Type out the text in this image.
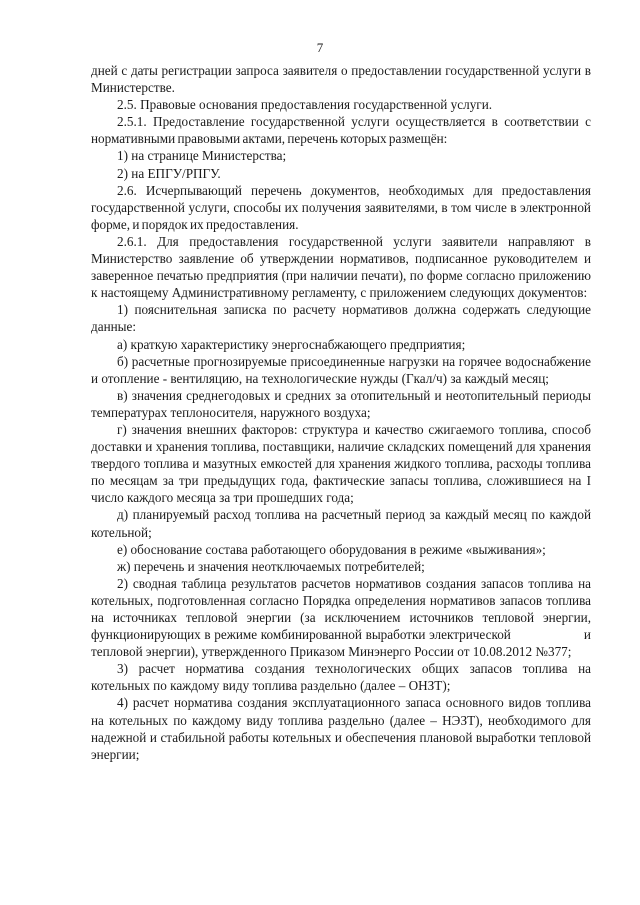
7

дней с даты регистрации запроса заявителя о предоставлении государственной услуги в Министерстве.

2.5. Правовые основания предоставления государственной услуги.

2.5.1. Предоставление государственной услуги осуществляется в соответствии с нормативными правовыми актами, перечень которых размещён:

1) на странице Министерства;

2) на ЕПГУ/РПГУ.

2.6. Исчерпывающий перечень документов, необходимых для предоставления государственной услуги, способы их получения заявителями, в том числе в электронной форме, и порядок их предоставления.

2.6.1. Для предоставления государственной услуги заявители направляют в Министерство заявление об утверждении нормативов, подписанное руководителем и заверенное печатью предприятия (при наличии печати), по форме согласно приложению к настоящему Административному регламенту, с приложением следующих документов:

1) пояснительная записка по расчету нормативов должна содержать следующие данные:

а) краткую характеристику энергоснабжающего предприятия;

б) расчетные прогнозируемые присоединенные нагрузки на горячее водоснабжение и отопление - вентиляцию, на технологические нужды (Гкал/ч) за каждый месяц;

в) значения среднегодовых и средних за отопительный и неотопительный периоды температурах теплоносителя, наружного воздуха;

г) значения внешних факторов: структура и качество сжигаемого топлива, способ доставки и хранения топлива, поставщики, наличие складских помещений для хранения твердого топлива и мазутных емкостей для хранения жидкого топлива, расходы топлива по месяцам за три предыдущих года, фактические запасы топлива, сложившиеся на I число каждого месяца за три прошедших года;

д) планируемый расход топлива на расчетный период за каждый месяц по каждой котельной;

е) обоснование состава работающего оборудования в режиме «выживания»;

ж) перечень и значения неотключаемых потребителей;

2) сводная таблица результатов расчетов нормативов создания запасов топлива на котельных, подготовленная согласно Порядка определения нормативов запасов топлива на источниках тепловой энергии (за исключением источников тепловой энергии, функционирующих в режиме комбинированной выработки электрической                    и тепловой энергии), утвержденного Приказом Минэнерго России от 10.08.2012 №377;

3) расчет норматива создания технологических общих запасов топлива на котельных по каждому виду топлива раздельно (далее – ОНЗТ);

4) расчет норматива создания эксплуатационного запаса основного видов топлива на котельных по каждому виду топлива раздельно (далее – НЭЗТ), необходимого для надежной и стабильной работы котельных и обеспечения плановой выработки тепловой энергии;
